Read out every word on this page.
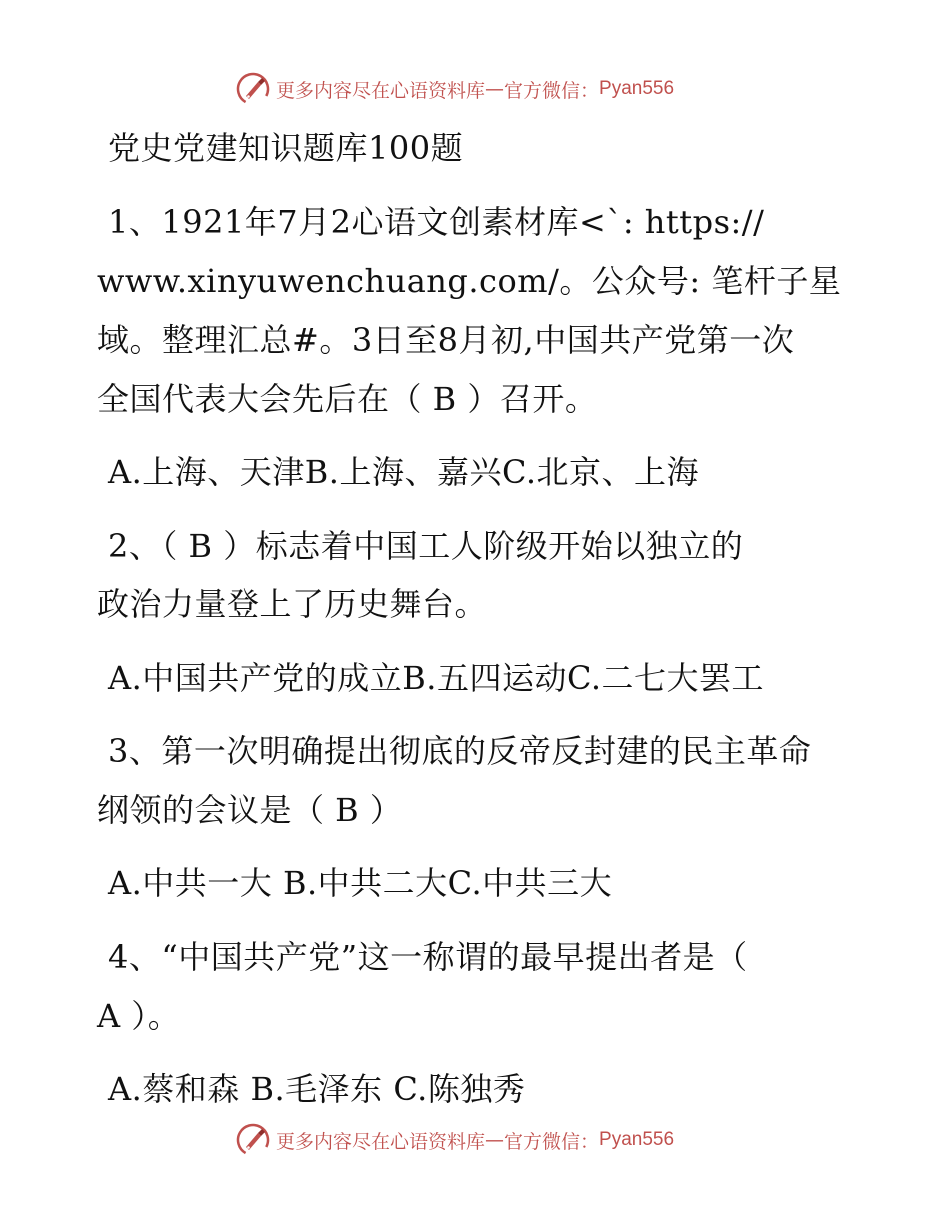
更多内容尽在心语资料库 — 官方微信： Pyan556
党史党建知识题库100题
1、1921年7月2心语文创素材库<`: https://
www.xinyuwenchuang.com/。公众号: 笔杆子星
域。整理汇总#。3日至8月初,中国共产党第一次
全国代表大会先后在（ B ）召开。
A.上海、天津B.上海、嘉兴C.北京、上海
2、（ B ）标志着中国工人阶级开始以独立的
政治力量登上了历史舞台。
A.中国共产党的成立B.五四运动C.二七大罢工
3、第一次明确提出彻底的反帝反封建的民主革命
纲领的会议是（ B ）
A.中共一大 B.中共二大C.中共三大
4、“中国共产党”这一称谓的最早提出者是（
A ）。
A.蔡和森 B.毛泽东 C.陈独秀
更多内容尽在心语资料库 — 官方微信： Pyan556
